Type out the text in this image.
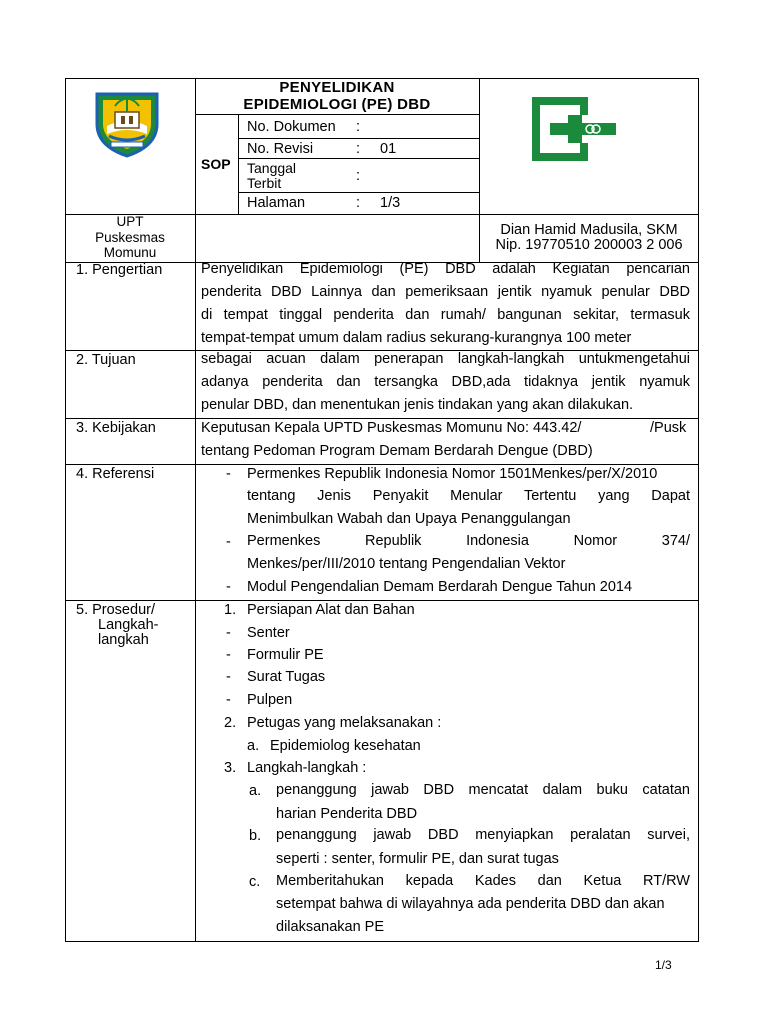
PENYELIDIKAN
EPIDEMIOLOGI (PE) DBD
SOP
No. Dokumen :
No. Revisi	: 01
Tanggal
Terbit	:
Halaman	: 1/3
UPT
Puskesmas
Momunu
Dian Hamid Madusila, SKM
Nip. 19770510 200003 2 006
1. Pengertian	Penyelidikan Epidemiologi (PE) DBD adalah Kegiatan pencarian
penderita DBD Lainnya dan pemeriksaan jentik nyamuk penular DBD
di tempat tinggal penderita dan rumah/ bangunan sekitar, termasuk
tempat-tempat umum dalam radius sekurang-kurangnya 100 meter
2. Tujuan	sebagai acuan dalam penerapan langkah-langkah untukmengetahui
adanya penderita dan tersangka DBD,ada tidaknya jentik nyamuk
penular DBD, dan menentukan jenis tindakan yang akan dilakukan.
3. Kebijakan	Keputusan Kepala UPTD Puskesmas Momunu No: 443.42/	/Pusk
tentang Pedoman Program Demam Berdarah Dengue (DBD)
4. Referensi	- Permenkes Republik Indonesia Nomor 1501Menkes/per/X/2010
tentang Jenis Penyakit Menular Tertentu yang Dapat
Menimbulkan Wabah dan Upaya Penanggulangan
- Permenkes Republik Indonesia Nomor 374/
Menkes/per/III/2010 tentang Pengendalian Vektor
- Modul Pengendalian Demam Berdarah Dengue Tahun 2014
5. Prosedur/
Langkah-
langkah
1. Persiapan Alat dan Bahan
- Senter
- Formulir PE
- Surat Tugas
- Pulpen
2. Petugas yang melaksanakan :
a. Epidemiolog kesehatan
3. Langkah-langkah :
a. penanggung jawab DBD mencatat dalam buku catatan
harian Penderita DBD
b. penanggung jawab DBD menyiapkan peralatan survei,
seperti : senter, formulir PE, dan surat tugas
c. Memberitahukan kepada Kades dan Ketua RT/RW
setempat bahwa di wilayahnya ada penderita DBD dan akan
dilaksanakan PE
1/3
